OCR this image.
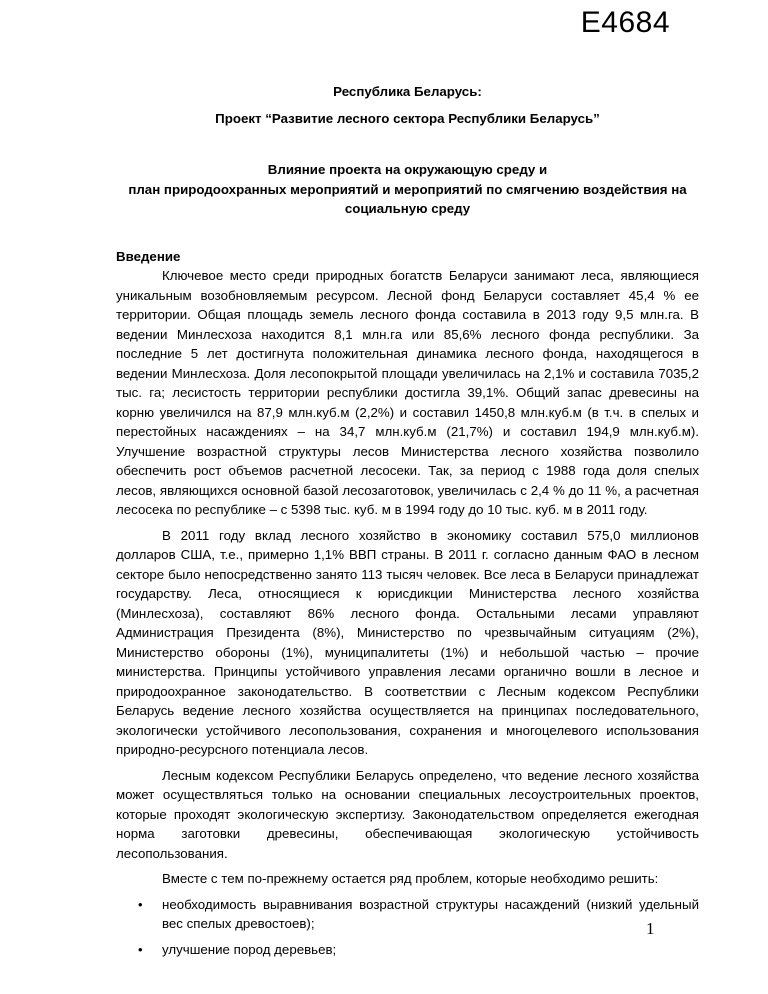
E4684

Республика Беларусь:

Проект “Развитие лесного сектора Республики Беларусь”

Влияние проекта на окружающую среду и

план природоохранных мероприятий и мероприятий по смягчению воздействия на социальную среду

Введение

Ключевое место среди природных богатств Беларуси занимают леса, являющиеся уникальным возобновляемым ресурсом. Лесной фонд Беларуси составляет 45,4 % ее территории. Общая площадь земель лесного фонда составила в 2013 году 9,5 млн.га. В ведении Минлесхоза находится 8,1 млн.га или 85,6% лесного фонда республики. За последние 5 лет достигнута положительная динамика лесного фонда, находящегося в ведении Минлесхоза. Доля лесопокрытой площади увеличилась на 2,1% и составила 7035,2 тыс. га; лесистость территории республики достигла 39,1%. Общий запас древесины на корню увеличился на 87,9 млн.куб.м (2,2%) и составил 1450,8 млн.куб.м (в т.ч. в спелых и перестойных насаждениях – на 34,7 млн.куб.м (21,7%) и составил 194,9 млн.куб.м). Улучшение возрастной структуры лесов Министерства лесного хозяйства позволило обеспечить рост объемов расчетной лесосеки. Так, за период с 1988 года доля спелых лесов, являющихся основной базой лесозаготовок, увеличилась с 2,4 % до 11 %, а расчетная лесосека по республике – с 5398 тыс. куб. м в 1994 году до 10 тыс. куб. м в 2011 году.

В 2011 году вклад лесного хозяйство в экономику составил 575,0 миллионов долларов США, т.е., примерно 1,1% ВВП страны. В 2011 г. согласно данным ФАО в лесном секторе было непосредственно занято 113 тысяч человек. Все леса в Беларуси принадлежат государству. Леса, относящиеся к юрисдикции Министерства лесного хозяйства (Минлесхоза), составляют 86% лесного фонда. Остальными лесами управляют Администрация Президента (8%), Министерство по чрезвычайным ситуациям (2%), Министерство обороны (1%), муниципалитеты (1%) и небольшой частью – прочие министерства. Принципы устойчивого управления лесами органично вошли в лесное и природоохранное законодательство. В соответствии с Лесным кодексом Республики Беларусь ведение лесного хозяйства осуществляется на принципах последовательного, экологически устойчивого лесопользования, сохранения и многоцелевого использования природно-ресурсного потенциала лесов.

Лесным кодексом Республики Беларусь определено, что ведение лесного хозяйства может осуществляться только на основании специальных лесоустроительных проектов, которые проходят экологическую экспертизу. Законодательством определяется ежегодная норма заготовки древесины, обеспечивающая экологическую устойчивость лесопользования.

Вместе с тем по-прежнему остается ряд проблем, которые необходимо решить:

• необходимость выравнивания возрастной структуры насаждений (низкий удельный вес спелых древостоев);
• улучшение пород деревьев;
1
